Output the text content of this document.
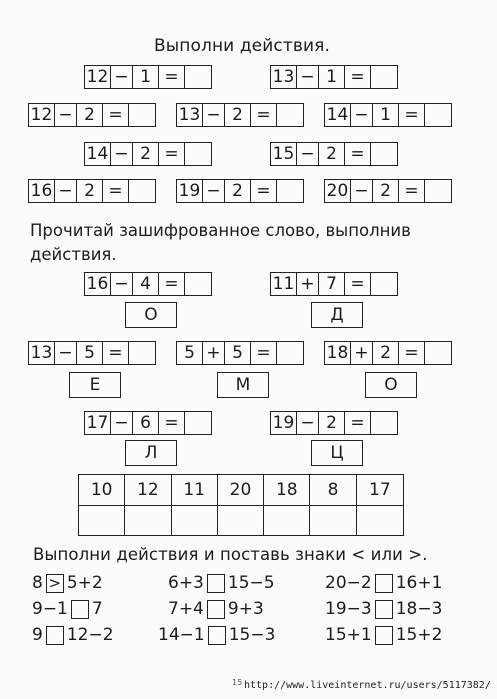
Выполни действия.
12 − 1 =	13 − 1 =
12 − 2 =	13 − 2 =	14 − 1 =
14 − 2 =	15 − 2 =
16 − 2 =	19 − 2 =	20 − 2 =
Прочитай зашифрованное слово, выполнив действия.
16 − 4 =
О
11 + 7 =
Д
13 − 5 =
Е
5 + 5 =
М
18 + 2 =
О
17 − 6 =
Л
19 − 2 =
Ц
10	12	11	20	18	8	17
Выполни действия и поставь знаки < или >.
8 > 5+2	6+3 15−5	20−2 16+1
9−1 7	7+4 9+3	19−3 18−3
9 12−2	14−1 15−3	15+1 15+2
15 http://www.liveinternet.ru/users/5117382/
